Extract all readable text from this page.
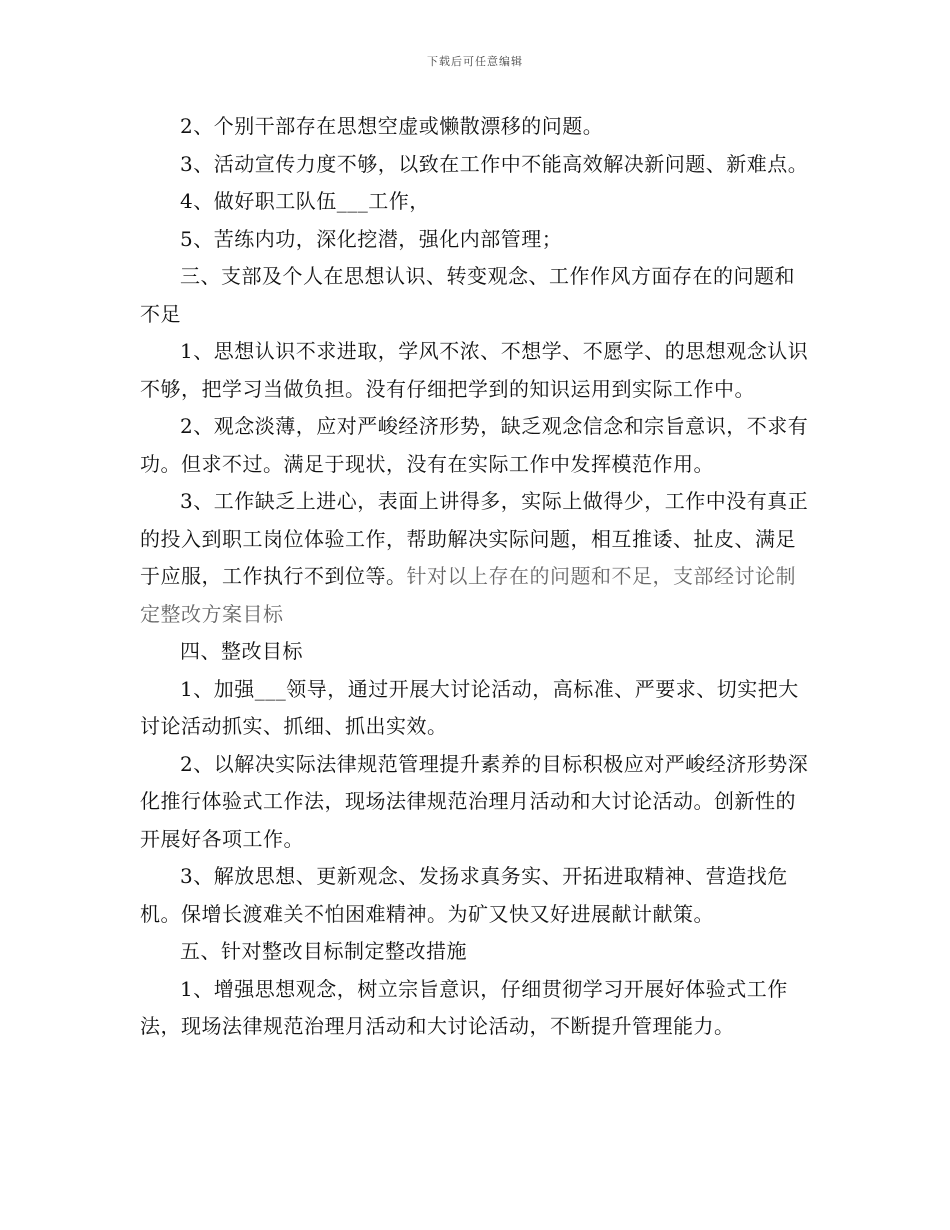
下载后可任意编辑

2、个别干部存在思想空虚或懒散漂移的问题。

3、活动宣传力度不够，以致在工作中不能高效解决新问题、新难点。

4、做好职工队伍___工作，

5、苦练内功，深化挖潜，强化内部管理；

三、支部及个人在思想认识、转变观念、工作作风方面存在的问题和不足

1、思想认识不求进取，学风不浓、不想学、不愿学、的思想观念认识不够，把学习当做负担。没有仔细把学到的知识运用到实际工作中。

2、观念淡薄，应对严峻经济形势，缺乏观念信念和宗旨意识，不求有功。但求不过。满足于现状，没有在实际工作中发挥模范作用。

3、工作缺乏上进心，表面上讲得多，实际上做得少，工作中没有真正的投入到职工岗位体验工作，帮助解决实际问题，相互推诿、扯皮、满足于应服，工作执行不到位等。针对以上存在的问题和不足，支部经讨论制定整改方案目标

四、整改目标

1、加强___领导，通过开展大讨论活动，高标准、严要求、切实把大讨论活动抓实、抓细、抓出实效。

2、以解决实际法律规范管理提升素养的目标积极应对严峻经济形势深化推行体验式工作法，现场法律规范治理月活动和大讨论活动。创新性的开展好各项工作。

3、解放思想、更新观念、发扬求真务实、开拓进取精神、营造找危机。保增长渡难关不怕困难精神。为矿又快又好进展献计献策。

五、针对整改目标制定整改措施

1、增强思想观念，树立宗旨意识，仔细贯彻学习开展好体验式工作法，现场法律规范治理月活动和大讨论活动，不断提升管理能力。
